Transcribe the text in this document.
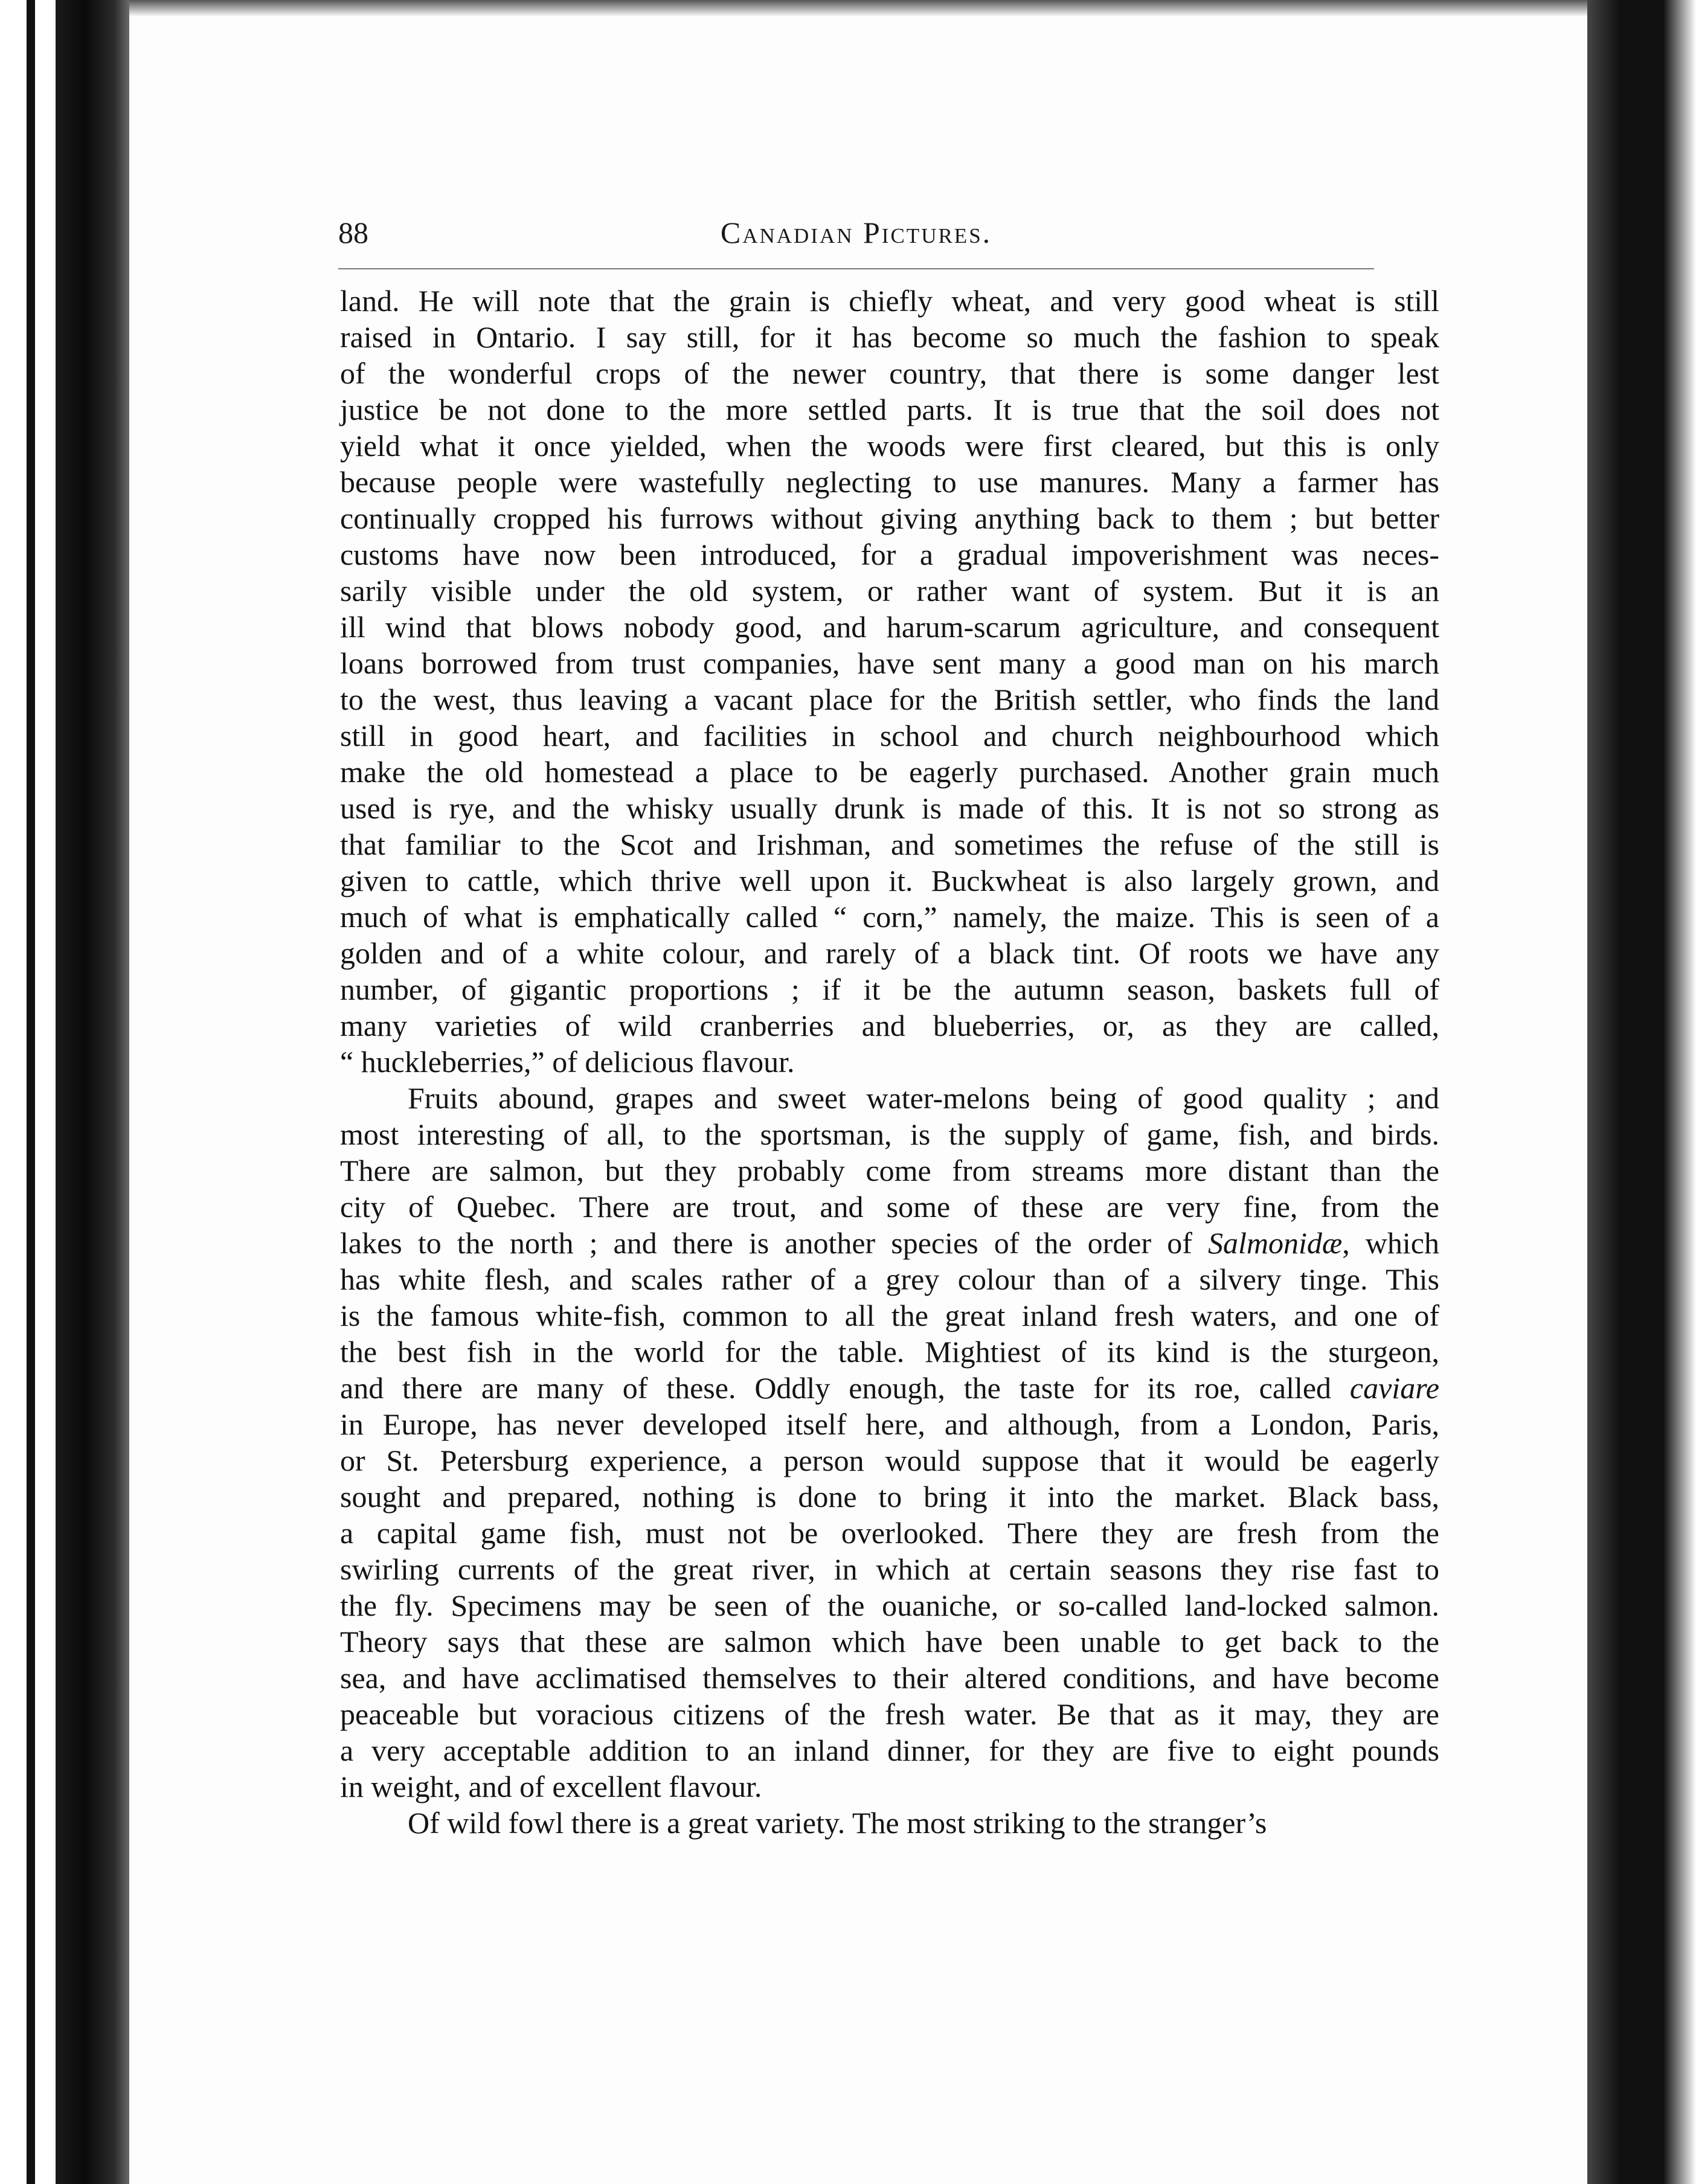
88	Canadian Pictures.

land. He will note that the grain is chiefly wheat, and very good wheat is still
raised in Ontario. I say still, for it has become so much the fashion to speak
of the wonderful crops of the newer country, that there is some danger lest
justice be not done to the more settled parts. It is true that the soil does not
yield what it once yielded, when the woods were first cleared, but this is only
because people were wastefully neglecting to use manures. Many a farmer has
continually cropped his furrows without giving anything back to them ; but better
customs have now been introduced, for a gradual impoverishment was neces-
sarily visible under the old system, or rather want of system. But it is an
ill wind that blows nobody good, and harum-scarum agriculture, and consequent
loans borrowed from trust companies, have sent many a good man on his march
to the west, thus leaving a vacant place for the British settler, who finds the land
still in good heart, and facilities in school and church neighbourhood which
make the old homestead a place to be eagerly purchased. Another grain much
used is rye, and the whisky usually drunk is made of this. It is not so strong as
that familiar to the Scot and Irishman, and sometimes the refuse of the still is
given to cattle, which thrive well upon it. Buckwheat is also largely grown, and
much of what is emphatically called “ corn,” namely, the maize. This is seen of a
golden and of a white colour, and rarely of a black tint. Of roots we have any
number, of gigantic proportions ; if it be the autumn season, baskets full of
many varieties of wild cranberries and blueberries, or, as they are called,
“ huckleberries,” of delicious flavour.

Fruits abound, grapes and sweet water-melons being of good quality ; and
most interesting of all, to the sportsman, is the supply of game, fish, and birds.
There are salmon, but they probably come from streams more distant than the
city of Quebec. There are trout, and some of these are very fine, from the
lakes to the north ; and there is another species of the order of Salmonidæ, which
has white flesh, and scales rather of a grey colour than of a silvery tinge. This
is the famous white-fish, common to all the great inland fresh waters, and one of
the best fish in the world for the table. Mightiest of its kind is the sturgeon,
and there are many of these. Oddly enough, the taste for its roe, called caviare
in Europe, has never developed itself here, and although, from a London, Paris,
or St. Petersburg experience, a person would suppose that it would be eagerly
sought and prepared, nothing is done to bring it into the market. Black bass,
a capital game fish, must not be overlooked. There they are fresh from the
swirling currents of the great river, in which at certain seasons they rise fast to
the fly. Specimens may be seen of the ouaniche, or so-called land-locked salmon.
Theory says that these are salmon which have been unable to get back to the
sea, and have acclimatised themselves to their altered conditions, and have become
peaceable but voracious citizens of the fresh water. Be that as it may, they are
a very acceptable addition to an inland dinner, for they are five to eight pounds
in weight, and of excellent flavour.

Of wild fowl there is a great variety. The most striking to the stranger’s
